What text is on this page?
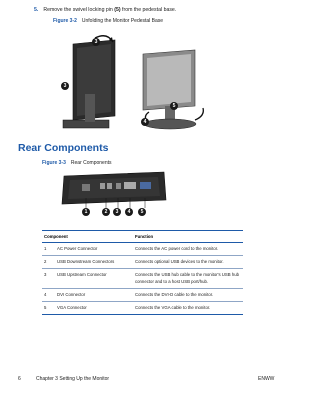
5. Remove the swivel locking pin (5) from the pedestal base.
Figure 3-2 Unfolding the Monitor Pedestal Base
3
3
4
5
Rear Components
Figure 3-3 Rear Components
1	2	3	4	5
Component		Function
1	AC Power Connector	Connects the AC power cord to the monitor.
2	USB Downstream Connectors	Connects optional USB devices to the monitor.
3	USB Upstream Connector	Connects the USB hub cable to the monitor's USB hub connector and to a host USB port/hub.
4	DVI Connector	Connects the DVI-D cable to the monitor.
5	VGA Connector	Connects the VGA cable to the monitor.
6	Chapter 3 Setting Up the Monitor	ENWW
